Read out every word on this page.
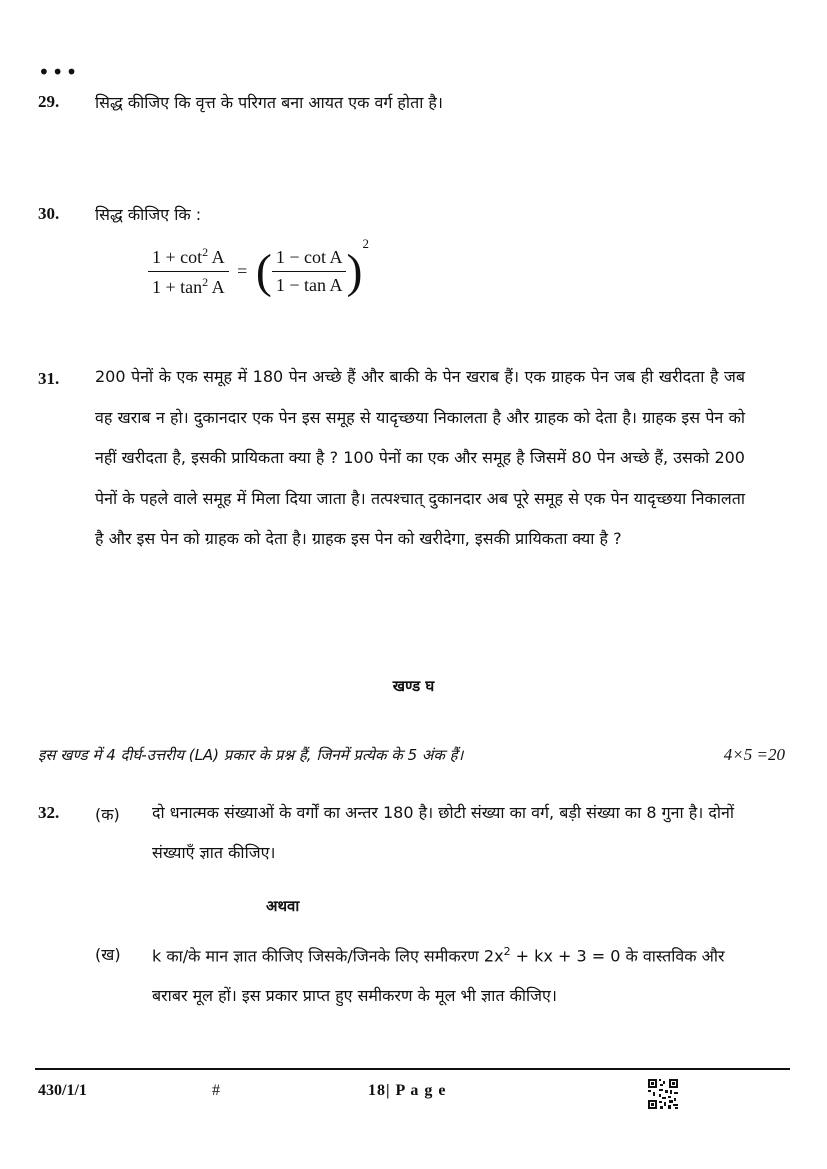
•••
29. सिद्ध कीजिए कि वृत्त के परिगत बना आयत एक वर्ग होता है।
30. सिद्ध कीजिए कि :
$\frac{1 + \cot^2 A}{1 + \tan^2 A}$ = ( $\frac{\text{1 − cot A}}{\text{1 − tan A}} )^2$
31. 200 पेनों के एक समूह में 180 पेन अच्छे हैं और बाकी के पेन खराब हैं। एक ग्राहक पेन जब ही खरीदता है जब वह खराब न हो। दुकानदार एक पेन इस समूह से यादृच्छया निकालता है और ग्राहक को देता है। ग्राहक इस पेन को नहीं खरीदता है, इसकी प्रायिकता क्या है ? 100 पेनों का एक और समूह है जिसमें 80 पेन अच्छे हैं, उसको 200 पेनों के पहले वाले समूह में मिला दिया जाता है। तत्पश्चात् दुकानदार अब पूरे समूह से एक पेन यादृच्छया निकालता है और इस पेन को ग्राहक को देता है। ग्राहक इस पेन को खरीदेगा, इसकी प्रायिकता क्या है ?
खण्ड घ
इस खण्ड में 4 दीर्घ-उत्तरीय (LA) प्रकार के प्रश्न हैं, जिनमें प्रत्येक के 5 अंक हैं।	4×5 =20
32. (क) दो धनात्मक संख्याओं के वर्गों का अन्तर 180 है। छोटी संख्या का वर्ग, बड़ी संख्या का 8 गुना है। दोनों संख्याएँ ज्ञात कीजिए।
अथवा
(ख) k का/के मान ज्ञात कीजिए जिसके/जिनके लिए समीकरण $2x^2$ + kx + 3 = 0 के वास्तविक और बराबर मूल हों। इस प्रकार प्राप्त हुए समीकरण के मूल भी ज्ञात कीजिए।
430/1/1	#	18| P a g e
